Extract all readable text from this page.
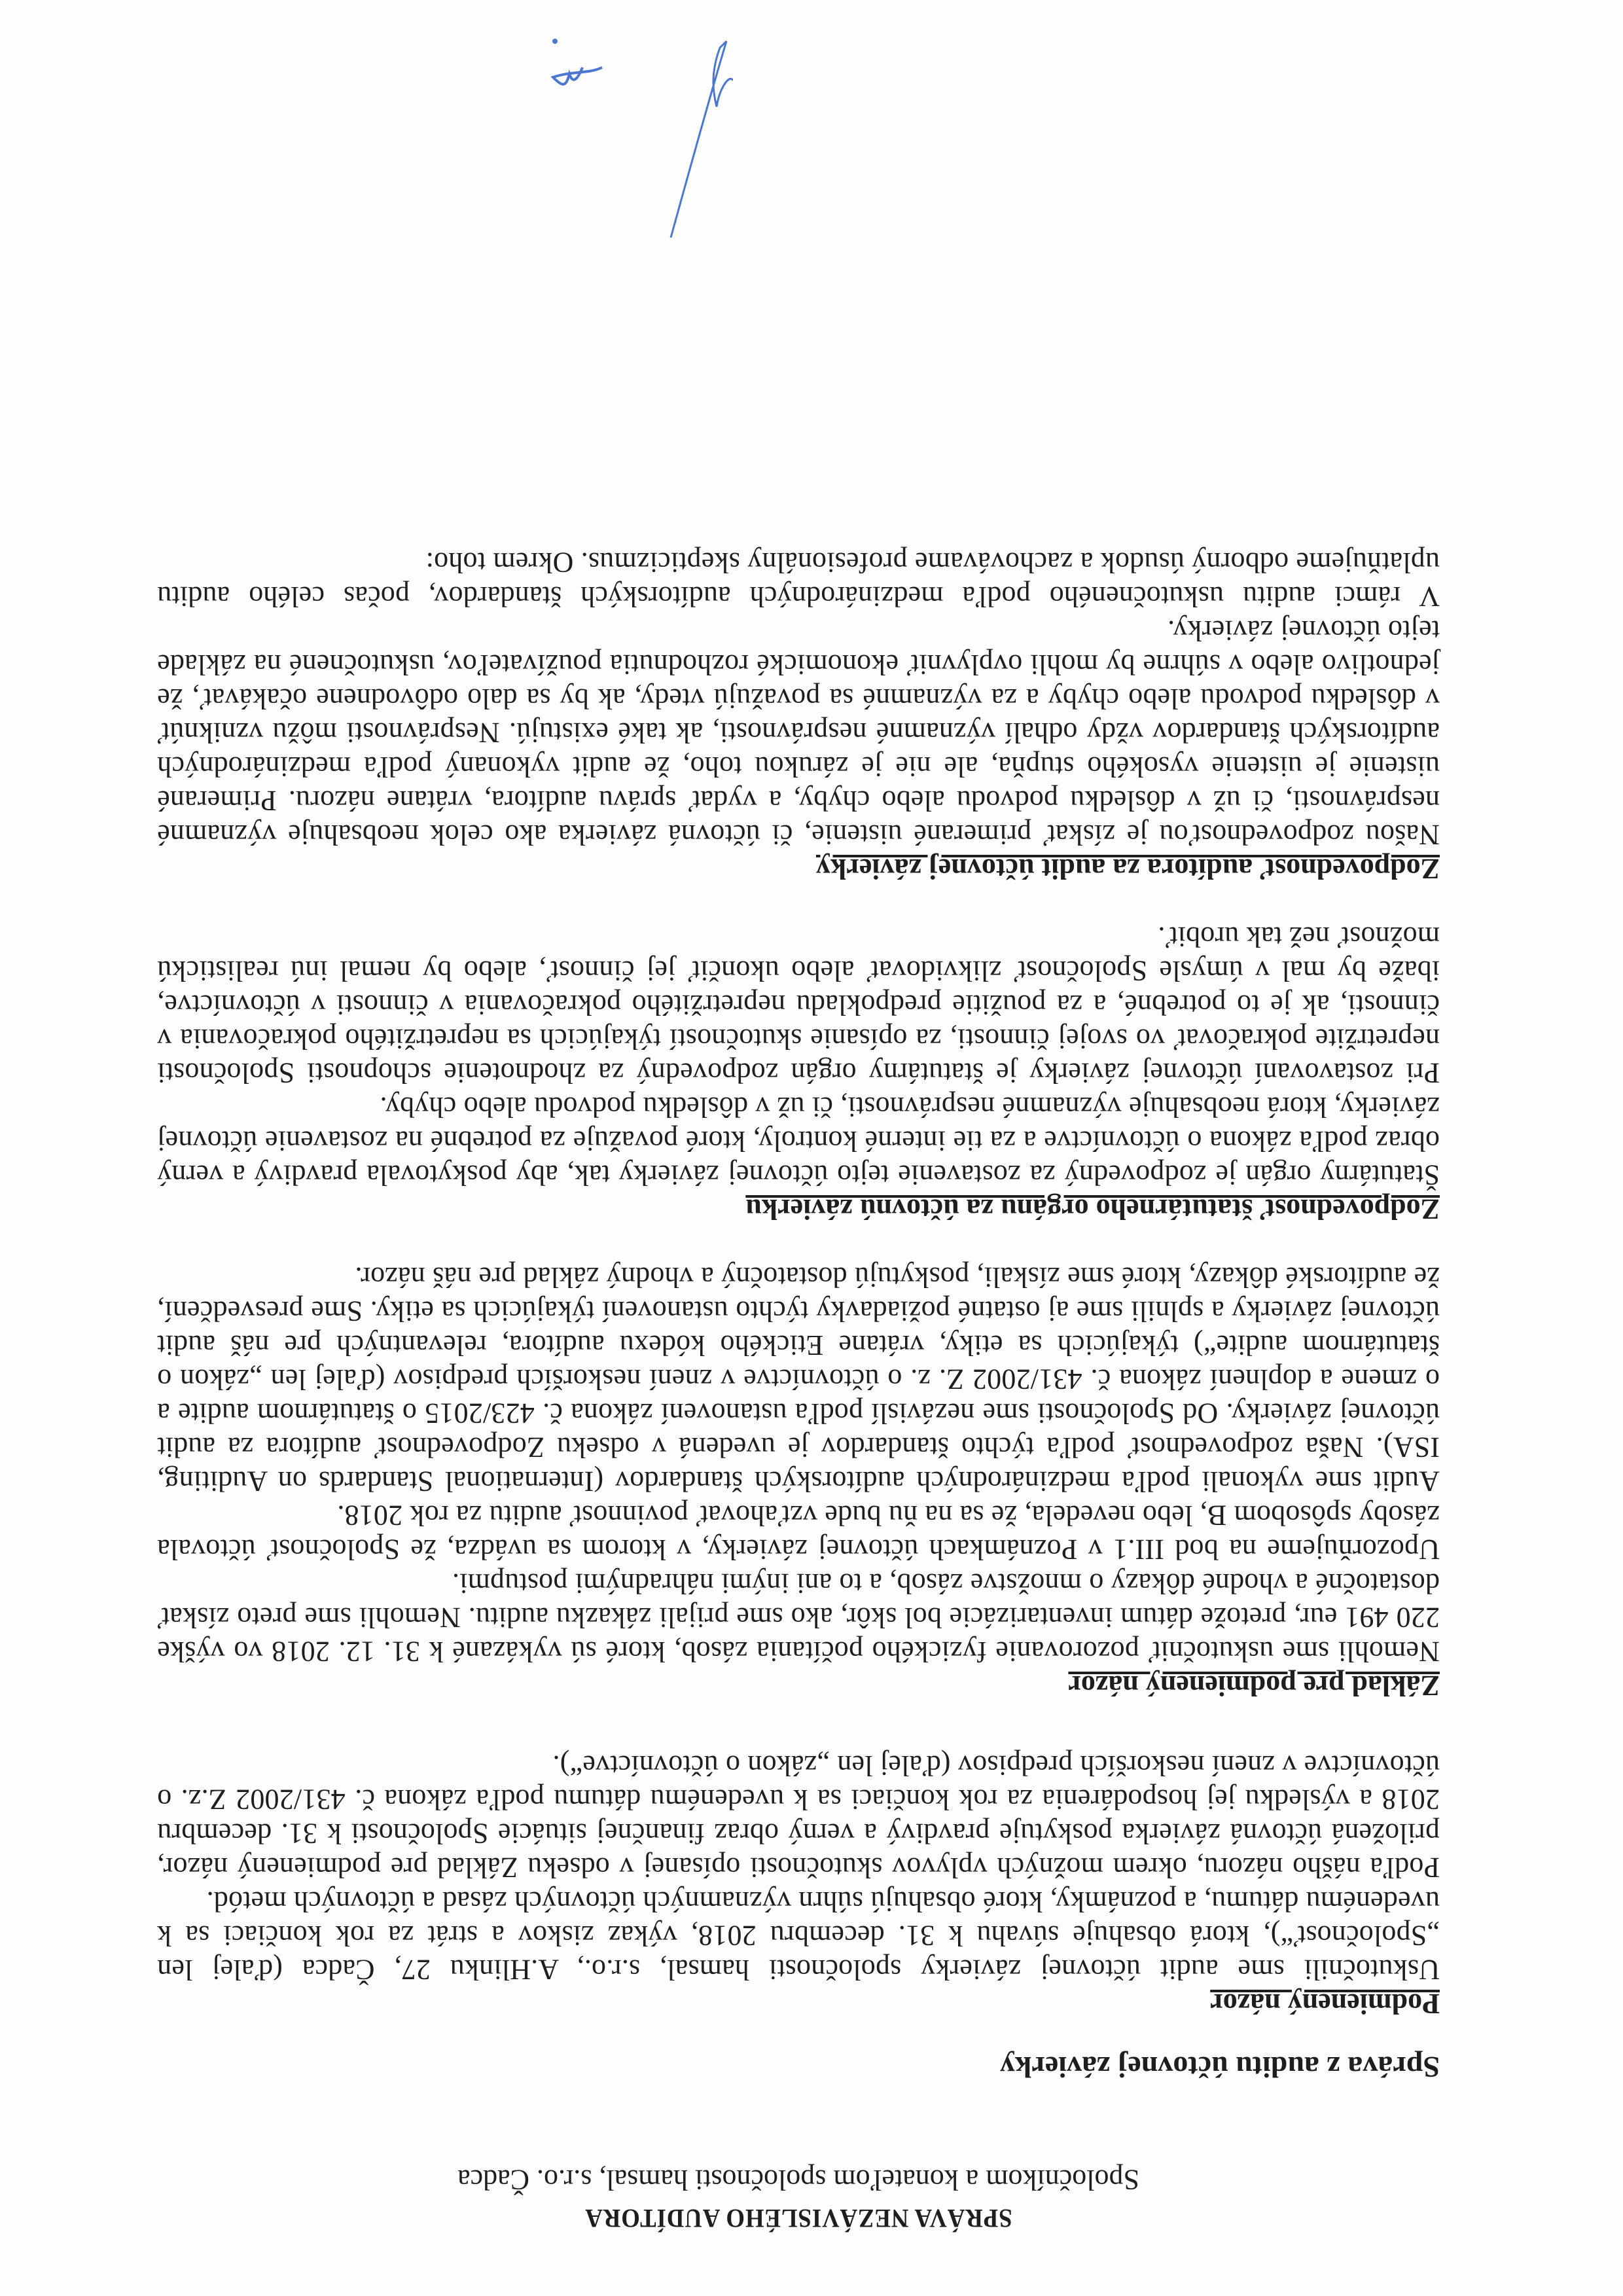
SPRÁVA NEZÁVISLÉHO AUDÍTORA

Spoločníkom a konateľom spoločnosti hamsal, s.r.o. Čadca

Správa z auditu účtovnej závierky
Podmienený názor

Uskutočnili sme audit účtovnej závierky spoločnosti hamsal, s.r.o., A.Hlinku 27, Čadca (ďalej len „Spoločnosť“), ktorá obsahuje súvahu k 31. decembru 2018, výkaz ziskov a strát za rok končiaci sa k uvedenému dátumu, a poznámky, ktoré obsahujú súhrn významných účtovných zásad a účtovných metód.

Podľa nášho názoru, okrem možných vplyvov skutočnosti opísanej v odseku Základ pre podmienený názor, priložená účtovná závierka poskytuje pravdivý a verný obraz finančnej situácie Spoločnosti k 31. decembru 2018 a výsledku jej hospodárenia za rok končiaci sa k uvedenému dátumu podľa zákona č. 431/2002 Z.z. o účtovníctve v znení neskorších predpisov (ďalej len „zákon o účtovníctve“).

Základ pre podmienený názor

Nemohli sme uskutočniť pozorovanie fyzického počítania zásob, ktoré sú vykázané k 31. 12. 2018 vo výške 220 491 eur, pretože dátum inventarizácie bol skôr, ako sme prijali zákazku auditu. Nemohli sme preto získať dostatočné a vhodné dôkazy o množstve zásob, a to ani inými náhradnými postupmi.

Upozorňujeme na bod III.1 v Poznámkach účtovnej závierky, v ktorom sa uvádza, že Spoločnosť účtovala zásoby spôsobom B, lebo nevedela, že sa na ňu bude vzťahovať povinnosť auditu za rok 2018.

Audit sme vykonali podľa medzinárodných audítorských štandardov (International Standards on Auditing, ISA). Naša zodpovednosť podľa týchto štandardov je uvedená v odseku Zodpovednosť audítora za audit účtovnej závierky. Od Spoločnosti sme nezávislí podľa ustanovení zákona č. 423/2015 o štatutárnom audite a o zmene a doplnení zákona č. 431/2002 Z. z. o účtovníctve v znení neskorších predpisov (ďalej len „zákon o štatutárnom audite“) týkajúcich sa etiky, vrátane Etického kódexu audítora, relevantných pre náš audit účtovnej závierky a splnili sme aj ostatné požiadavky týchto ustanovení týkajúcich sa etiky. Sme presvedčení, že audítorské dôkazy, ktoré sme získali, poskytujú dostatočný a vhodný základ pre náš názor.

Zodpovednosť štatutárneho orgánu za účtovnú závierku

Štatutárny orgán je zodpovedný za zostavenie tejto účtovnej závierky tak, aby poskytovala pravdivý a verný obraz podľa zákona o účtovníctve a za tie interné kontroly, ktoré považuje za potrebné na zostavenie účtovnej závierky, ktorá neobsahuje významné nesprávnosti, či už v dôsledku podvodu alebo chyby.

Pri zostavovaní účtovnej závierky je štatutárny orgán zodpovedný za zhodnotenie schopnosti Spoločnosti nepretržite pokračovať vo svojej činnosti, za opísanie skutočností týkajúcich sa nepretržitého pokračovania v činnosti, ak je to potrebné, a za použitie predpokladu nepretržitého pokračovania v činnosti v účtovníctve, ibaže by mal v úmysle Spoločnosť zlikvidovať alebo ukončiť jej činnosť, alebo by nemal inú realistickú možnosť než tak urobiť.

Zodpovednosť audítora za audit účtovnej závierky

Našou zodpovednosťou je získať primerané uistenie, či účtovná závierka ako celok neobsahuje významné nesprávnosti, či už v dôsledku podvodu alebo chyby, a vydať správu audítora, vrátane názoru. Primerané uistenie je uistenie vysokého stupňa, ale nie je zárukou toho, že audit vykonaný podľa medzinárodných audítorských štandardov vždy odhalí významné nesprávnosti, ak také existujú. Nesprávnosti môžu vzniknúť v dôsledku podvodu alebo chyby a za významné sa považujú vtedy, ak by sa dalo odôvodnene očakávať, že jednotlivo alebo v súhrne by mohli ovplyvniť ekonomické rozhodnutia používateľov, uskutočnené na základe tejto účtovnej závierky.

V rámci auditu uskutočneného podľa medzinárodných audítorských štandardov, počas celého auditu uplatňujeme odborný úsudok a zachovávame profesionálny skepticizmus. Okrem toho:
